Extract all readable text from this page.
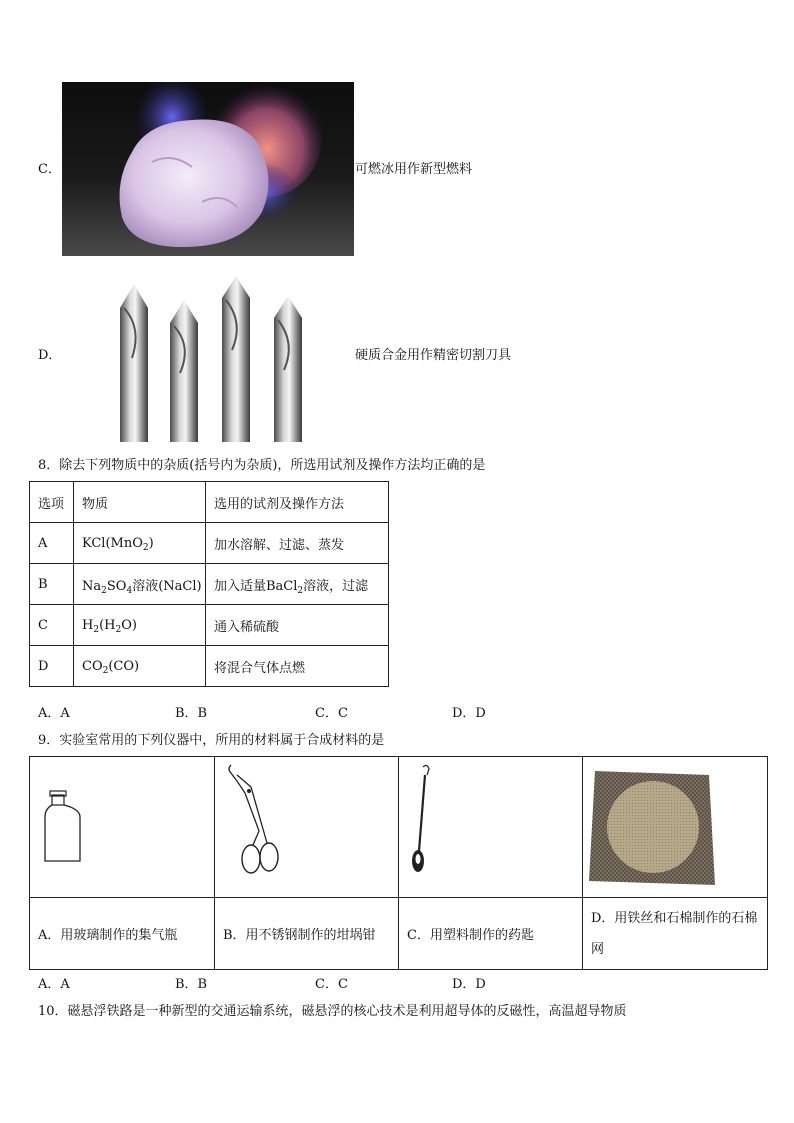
C．	可燃冰用作新型燃料
D．	硬质合金用作精密切割刀具
8．除去下列物质中的杂质(括号内为杂质)，所选用试剂及操作方法均正确的是
选项	物质	选用的试剂及操作方法
A	KCl(MnO$_2$)	加水溶解、过滤、蒸发
B	$Na_2SO_4$溶液(NaCl)	加入适量BaCl$_2$溶液，过滤
C	$H_2(H_2O)$	通入稀硫酸
D	$CO_2(CO)$	将混合气体点燃
A．A	B．B	C．C	D．D
9．实验室常用的下列仪器中，所用的材料属于合成材料的是

A．用玻璃制作的集气瓶	B．用不锈钢制作的坩埚钳	C．用塑料制作的药匙	D．用铁丝和石棉制作的石棉网
A．A	B．B	C．C	D．D
10．磁悬浮铁路是一种新型的交通运输系统，磁悬浮的核心技术是利用超导体的反磁性，高温超导物质
